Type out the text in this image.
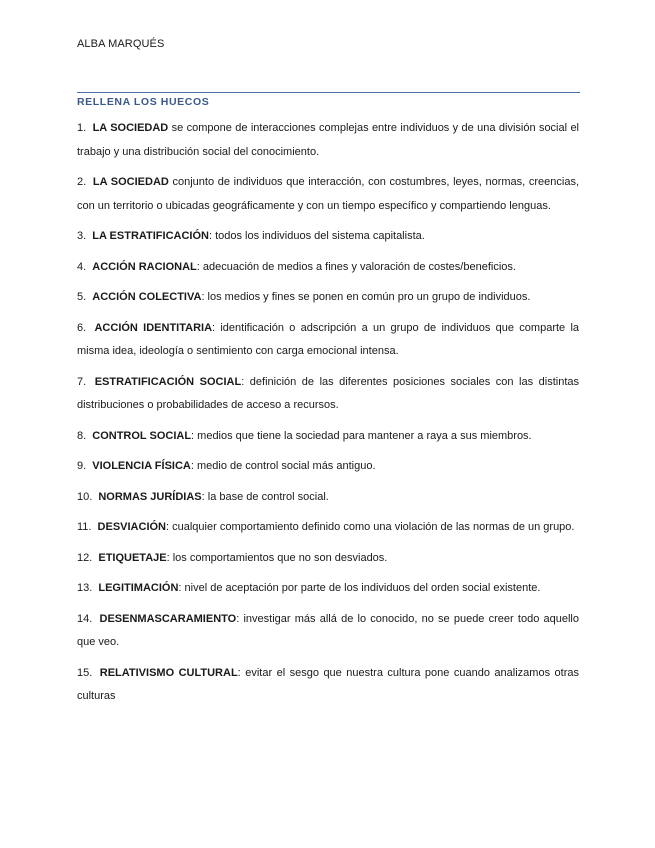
ALBA MARQUÉS
RELLENA LOS HUECOS
1. LA SOCIEDAD se compone de interacciones complejas entre individuos y de una división social el trabajo y una distribución social del conocimiento.
2. LA SOCIEDAD conjunto de individuos que interacción, con costumbres, leyes, normas, creencias, con un territorio o ubicadas geográficamente y con un tiempo específico y compartiendo lenguas.
3. LA ESTRATIFICACIÓN: todos los individuos del sistema capitalista.
4. ACCIÓN RACIONAL: adecuación de medios a fines y valoración de costes/beneficios.
5. ACCIÓN COLECTIVA: los medios y fines se ponen en común pro un grupo de individuos.
6. ACCIÓN IDENTITARIA: identificación o adscripción a un grupo de individuos que comparte la misma idea, ideología o sentimiento con carga emocional intensa.
7. ESTRATIFICACIÓN SOCIAL: definición de las diferentes posiciones sociales con las distintas distribuciones o probabilidades de acceso a recursos.
8. CONTROL SOCIAL: medios que tiene la sociedad para mantener a raya a sus miembros.
9. VIOLENCIA FÍSICA: medio de control social más antiguo.
10. NORMAS JURÍDIAS: la base de control social.
11. DESVIACIÓN: cualquier comportamiento definido como una violación de las normas de un grupo.
12. ETIQUETAJE: los comportamientos que no son desviados.
13. LEGITIMACIÓN: nivel de aceptación por parte de los individuos del orden social existente.
14. DESENMASCARAMIENTO: investigar más allá de lo conocido, no se puede creer todo aquello que veo.
15. RELATIVISMO CULTURAL: evitar el sesgo que nuestra cultura pone cuando analizamos otras culturas
